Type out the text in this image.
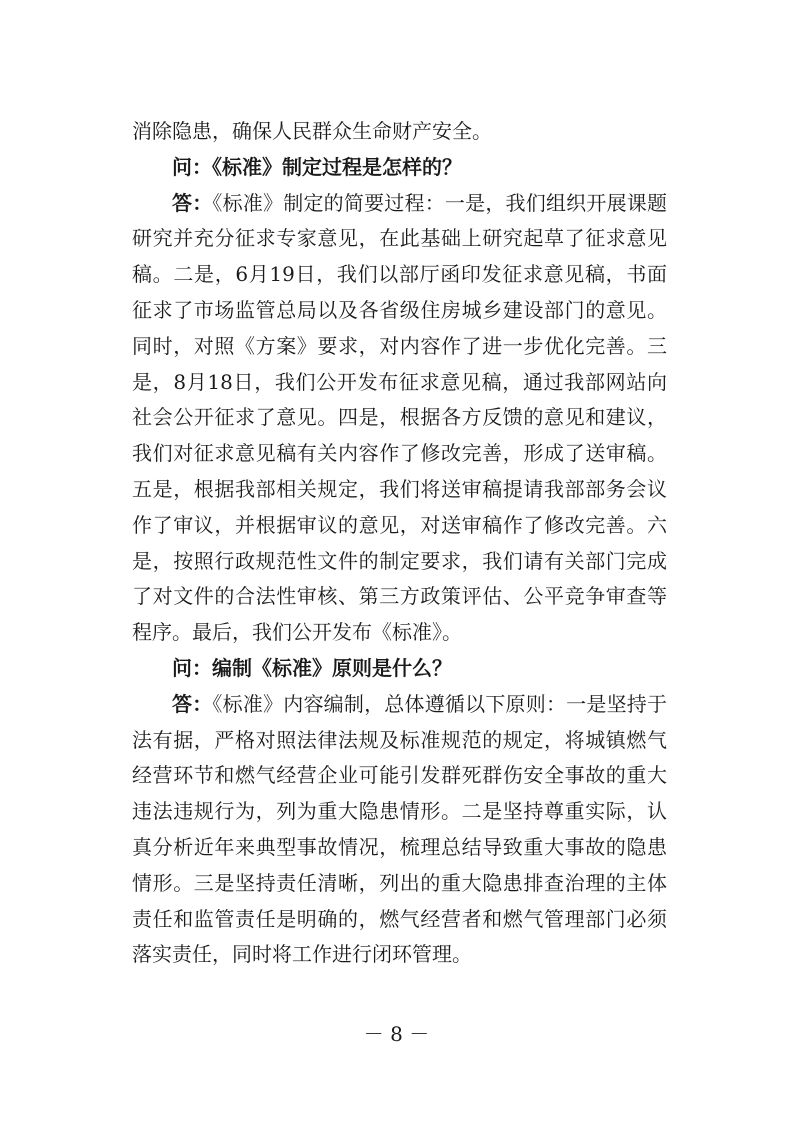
消除隐患，确保人民群众生命财产安全。

问：《标准》制定过程是怎样的？

答：《标准》制定的简要过程：一是，我们组织开展课题研究并充分征求专家意见，在此基础上研究起草了征求意见稿。二是，6月19日，我们以部厅函印发征求意见稿，书面征求了市场监管总局以及各省级住房城乡建设部门的意见。同时，对照《方案》要求，对内容作了进一步优化完善。三是，8月18日，我们公开发布征求意见稿，通过我部网站向社会公开征求了意见。四是，根据各方反馈的意见和建议，我们对征求意见稿有关内容作了修改完善，形成了送审稿。五是，根据我部相关规定，我们将送审稿提请我部部务会议作了审议，并根据审议的意见，对送审稿作了修改完善。六是，按照行政规范性文件的制定要求，我们请有关部门完成了对文件的合法性审核、第三方政策评估、公平竞争审查等程序。最后，我们公开发布《标准》。

问：编制《标准》原则是什么？

答：《标准》内容编制，总体遵循以下原则：一是坚持于法有据，严格对照法律法规及标准规范的规定，将城镇燃气经营环节和燃气经营企业可能引发群死群伤安全事故的重大违法违规行为，列为重大隐患情形。二是坚持尊重实际，认真分析近年来典型事故情况，梳理总结导致重大事故的隐患情形。三是坚持责任清晰，列出的重大隐患排查治理的主体责任和监管责任是明确的，燃气经营者和燃气管理部门必须落实责任，同时将工作进行闭环管理。

－ 8 －
